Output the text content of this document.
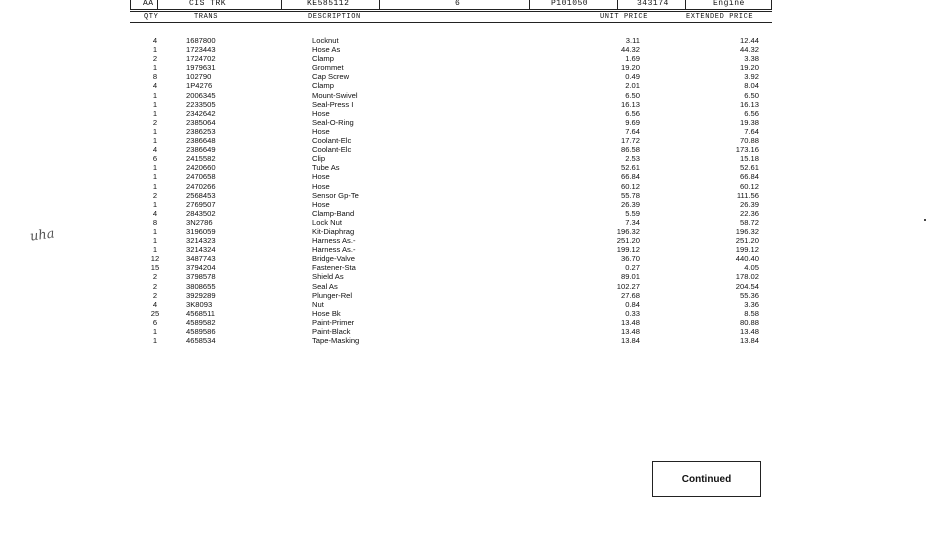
AA	CIS TRK	KE585112	6	P101050	343174	Engine
QTY	TRANS	DESCRIPTION	UNIT PRICE	EXTENDED PRICE
4	1687800	Locknut	3.11	12.44
1	1723443	Hose As	44.32	44.32
2	1724702	Clamp	1.69	3.38
1	1979631	Grommet	19.20	19.20
8	102790	Cap Screw	0.49	3.92
4	1P4276	Clamp	2.01	8.04
1	2006345	Mount-Swivel	6.50	6.50
1	2233505	Seal-Press I	16.13	16.13
1	2342642	Hose	6.56	6.56
2	2385064	Seal-O-Ring	9.69	19.38
1	2386253	Hose	7.64	7.64
1	2386648	Coolant-Elc	17.72	70.88
4	2386649	Coolant-Elc	86.58	173.16
6	2415582	Clip	2.53	15.18
1	2420660	Tube As	52.61	52.61
1	2470658	Hose	66.84	66.84
1	2470266	Hose	60.12	60.12
2	2568453	Sensor Gp-Te	55.78	111.56
1	2769507	Hose	26.39	26.39
4	2843502	Clamp-Band	5.59	22.36
8	3N2786	Lock Nut	7.34	58.72
1	3196059	Kit-Diaphrag	196.32	196.32
1	3214323	Harness As.-	251.20	251.20
1	3214324	Harness As.-	199.12	199.12
12	3487743	Bridge-Valve	36.70	440.40
15	3794204	Fastener-Sta	0.27	4.05
2	3798578	Shield As	89.01	178.02
2	3808655	Seal As	102.27	204.54
2	3929289	Plunger-Rel	27.68	55.36
4	3K8093	Nut	0.84	3.36
25	4568511	Hose Bk	0.33	8.58
6	4589582	Paint-Primer	13.48	80.88
1	4589586	Paint-Black	13.48	13.48
1	4658534	Tape-Masking	13.84	13.84
Continued
uha
